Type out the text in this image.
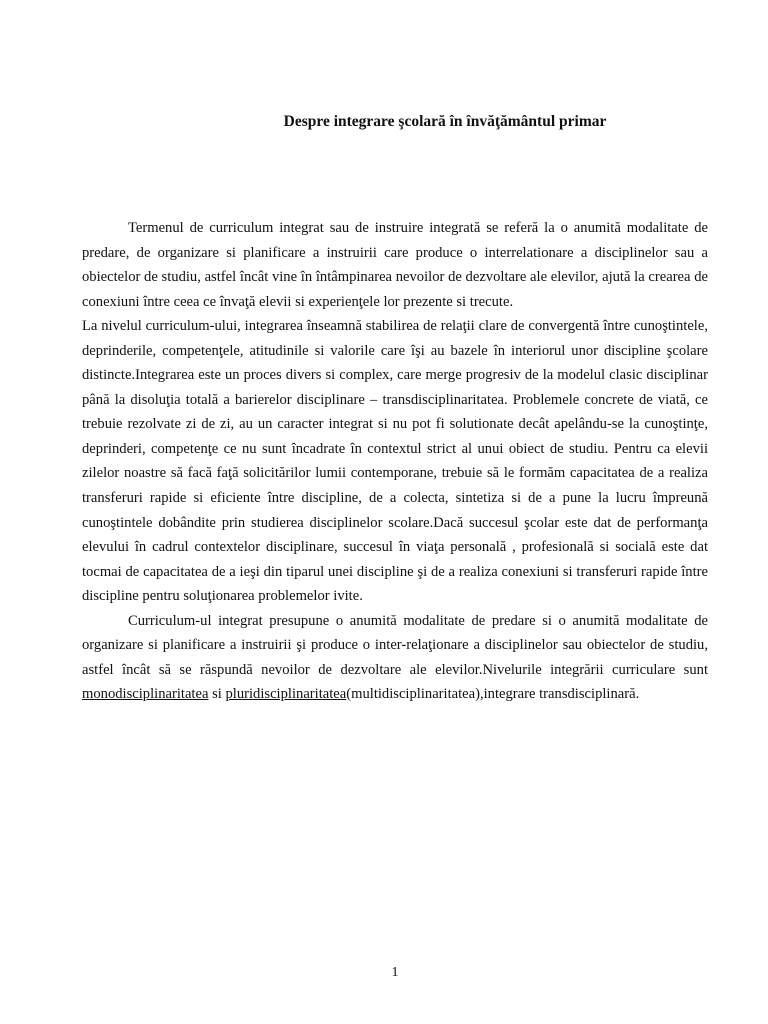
Despre integrare şcolară în învăţământul primar

Termenul de curriculum integrat sau de instruire integrată se referă la o anumită modalitate de predare, de organizare si planificare a instruirii care produce o interrelationare a disciplinelor sau a obiectelor de studiu, astfel încât vine în întâmpinarea nevoilor de dezvoltare ale elevilor, ajută la crearea de conexiuni între ceea ce învaţă elevii si experienţele lor prezente si trecute.

La nivelul curriculum-ului, integrarea înseamnă stabilirea de relaţii clare de convergentă între cunoştintele, deprinderile, competenţele, atitudinile si valorile care îşi au bazele în interiorul unor discipline şcolare distincte.Integrarea este un proces divers si complex, care merge progresiv de la modelul clasic disciplinar până la disoluţia totală a barierelor disciplinare – transdisciplinaritatea. Problemele concrete de viată, ce trebuie rezolvate zi de zi, au un caracter integrat si nu pot fi solutionate decât apelându-se la cunoştinţe, deprinderi, competenţe ce nu sunt încadrate în contextul strict al unui obiect de studiu. Pentru ca elevii zilelor noastre să facă faţă solicitărilor lumii contemporane, trebuie să le formăm capacitatea de a realiza transferuri rapide si eficiente între discipline, de a colecta, sintetiza si de a pune la lucru împreună cunoştintele dobândite prin studierea disciplinelor scolare.Dacă succesul şcolar este dat de performanţa elevului în cadrul contextelor disciplinare, succesul în viaţa personală , profesională si socială este dat tocmai de capacitatea de a ieşi din tiparul unei discipline şi de a realiza conexiuni si transferuri rapide între discipline pentru soluţionarea problemelor ivite.

Curriculum-ul integrat presupune o anumită modalitate de predare si o anumită modalitate de organizare si planificare a instruirii şi produce o inter-relaţionare a disciplinelor sau obiectelor de studiu, astfel încât să se răspundă nevoilor de dezvoltare ale elevilor.Nivelurile integrării curriculare sunt monodisciplinaritatea si pluridisciplinaritatea(multidisciplinaritatea),integrare transdisciplinară.

1
